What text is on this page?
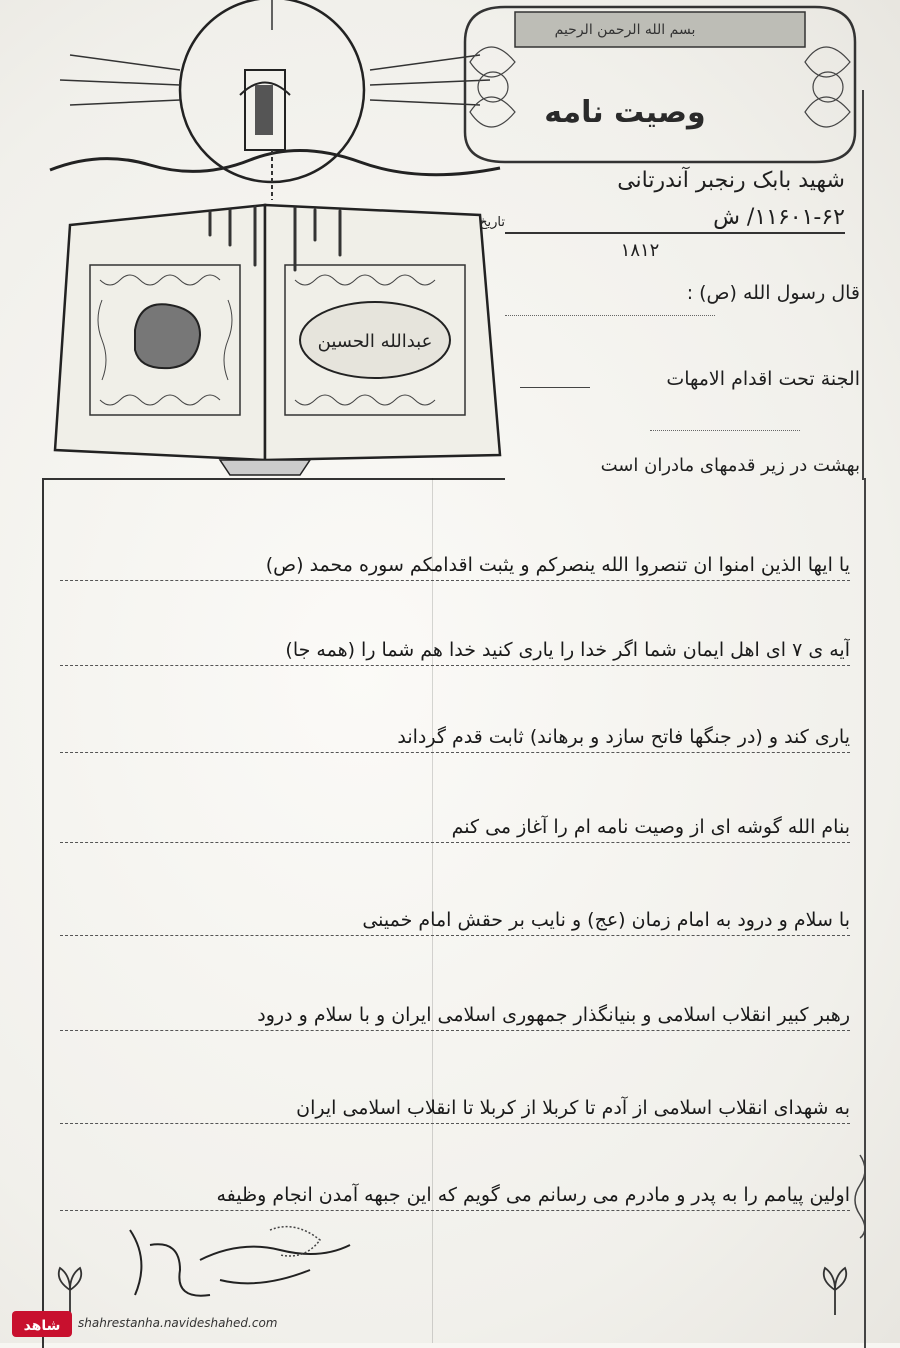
عبدالله الحسین
بسم الله الرحمن الرحیم
وصیت نامه
شهید بابک رنجبر آندرتانی
۱۱۶۰۱-۶۲/ ش
تاریخ
۱۸۱۲
قال رسول الله (ص) :
الجنة تحت اقدام الامهات
بهشت در زیر قدمهای مادران است
یا ایها الذین امنوا ان تنصروا الله ینصرکم و یثبت اقدامکم سوره محمد (ص)
آیه ی ۷ ای اهل ایمان شما اگر خدا را یاری کنید خدا هم شما را (همه جا)
یاری کند و (در جنگها فاتح سازد و برهاند) ثابت قدم گرداند
بنام الله گوشه ای از وصیت نامه ام را آغاز می کنم
با سلام و درود به امام زمان (عج) و نایب بر حقش امام خمینی
رهبر کبیر انقلاب اسلامی و بنیانگذار جمهوری اسلامی ایران و با سلام و درود
به شهدای انقلاب اسلامی از آدم تا کربلا از کربلا تا انقلاب اسلامی ایران
اولین پیامم را به پدر و مادرم می رسانم می گویم که این جبهه آمدن انجام وظیفه
شاهد shahrestanha.navideshahed.com
